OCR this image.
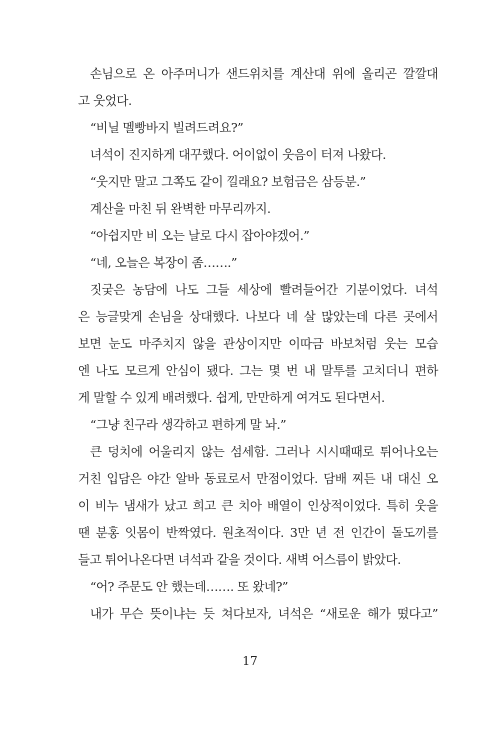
손님으로 온 아주머니가 샌드위치를 계산대 위에 올리곤 깔깔대
고 웃었다.
“비닐 멜빵바지 빌려드려요?”
녀석이 진지하게 대꾸했다. 어이없이 웃음이 터져 나왔다.
“웃지만 말고 그쪽도 같이 낄래요? 보험금은 삼등분.”
계산을 마친 뒤 완벽한 마무리까지.
“아쉽지만 비 오는 날로 다시 잡아야겠어.”
“네, 오늘은 복장이 좀…….”
짓궂은 농담에 나도 그들 세상에 빨려들어간 기분이었다. 녀석
은 능글맞게 손님을 상대했다. 나보다 네 살 많았는데 다른 곳에서
보면 눈도 마주치지 않을 관상이지만 이따금 바보처럼 웃는 모습
엔 나도 모르게 안심이 됐다. 그는 몇 번 내 말투를 고치더니 편하
게 말할 수 있게 배려했다. 쉽게, 만만하게 여겨도 된다면서.
“그냥 친구라 생각하고 편하게 말 놔.”
큰 덩치에 어울리지 않는 섬세함. 그러나 시시때때로 튀어나오는
거친 입담은 야간 알바 동료로서 만점이었다. 담배 찌든 내 대신 오
이 비누 냄새가 났고 희고 큰 치아 배열이 인상적이었다. 특히 웃을
땐 분홍 잇몸이 반짝였다. 원초적이다. 3만 년 전 인간이 돌도끼를
들고 튀어나온다면 녀석과 같을 것이다. 새벽 어스름이 밝았다.
“어? 주문도 안 했는데……. 또 왔네?”
내가 무슨 뜻이냐는 듯 쳐다보자, 녀석은 “새로운 해가 떴다고”
17
